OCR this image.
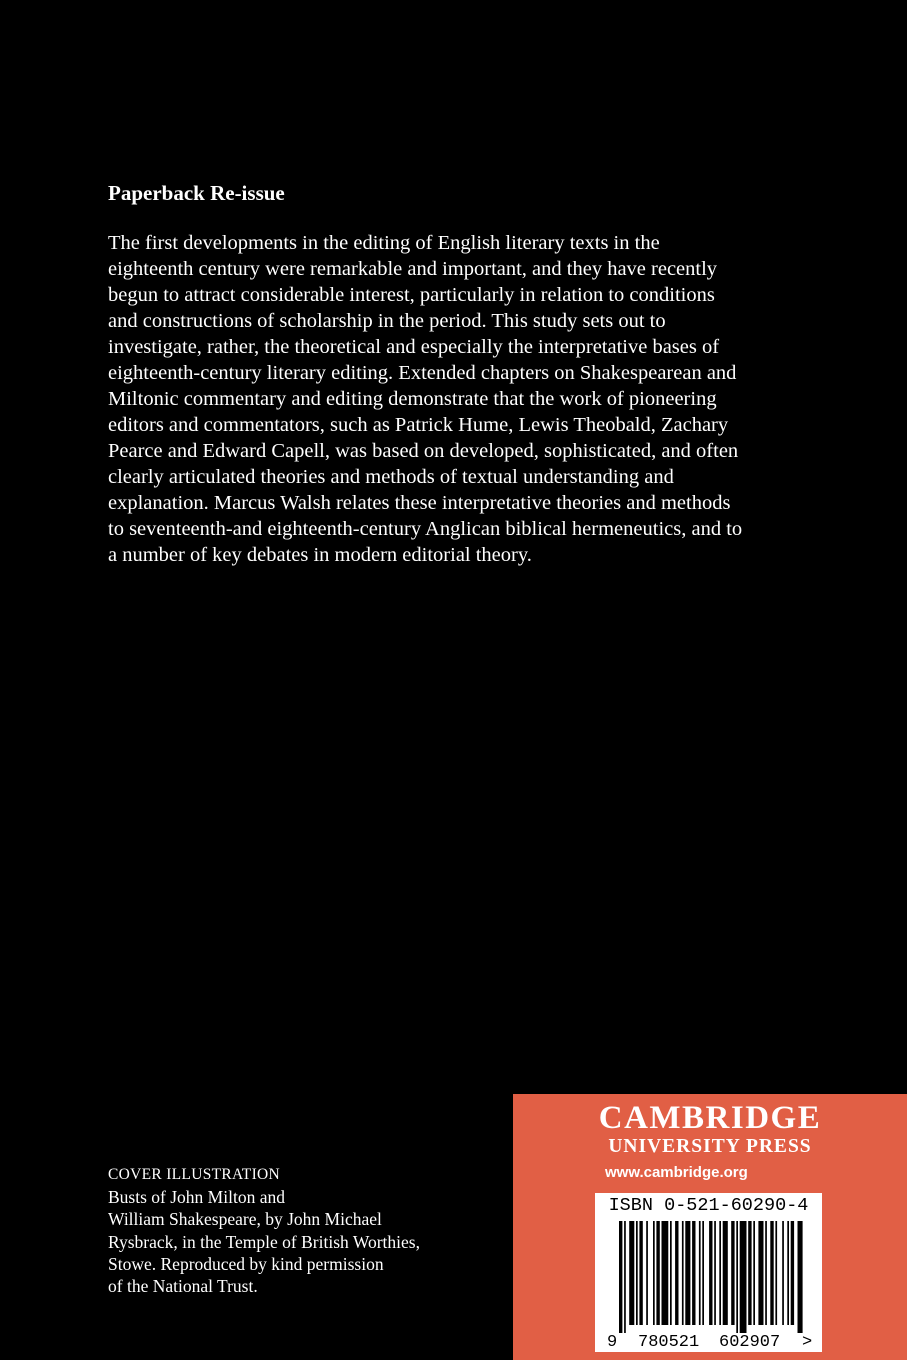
Paperback Re-issue
The first developments in the editing of English literary texts in the
eighteenth century were remarkable and important, and they have recently
begun to attract considerable interest, particularly in relation to conditions
and constructions of scholarship in the period. This study sets out to
investigate, rather, the theoretical and especially the interpretative bases of
eighteenth-century literary editing. Extended chapters on Shakespearean and
Miltonic commentary and editing demonstrate that the work of pioneering
editors and commentators, such as Patrick Hume, Lewis Theobald, Zachary
Pearce and Edward Capell, was based on developed, sophisticated, and often
clearly articulated theories and methods of textual understanding and
explanation. Marcus Walsh relates these interpretative theories and methods
to seventeenth-and eighteenth-century Anglican biblical hermeneutics, and to
a number of key debates in modern editorial theory.
COVER ILLUSTRATION
Busts of John Milton and
William Shakespeare, by John Michael
Rysbrack, in the Temple of British Worthies,
Stowe. Reproduced by kind permission
of the National Trust.
CAMBRIDGE
UNIVERSITY PRESS
www.cambridge.org
9 780521 602907 >
ISBN 0-521-60290-4
